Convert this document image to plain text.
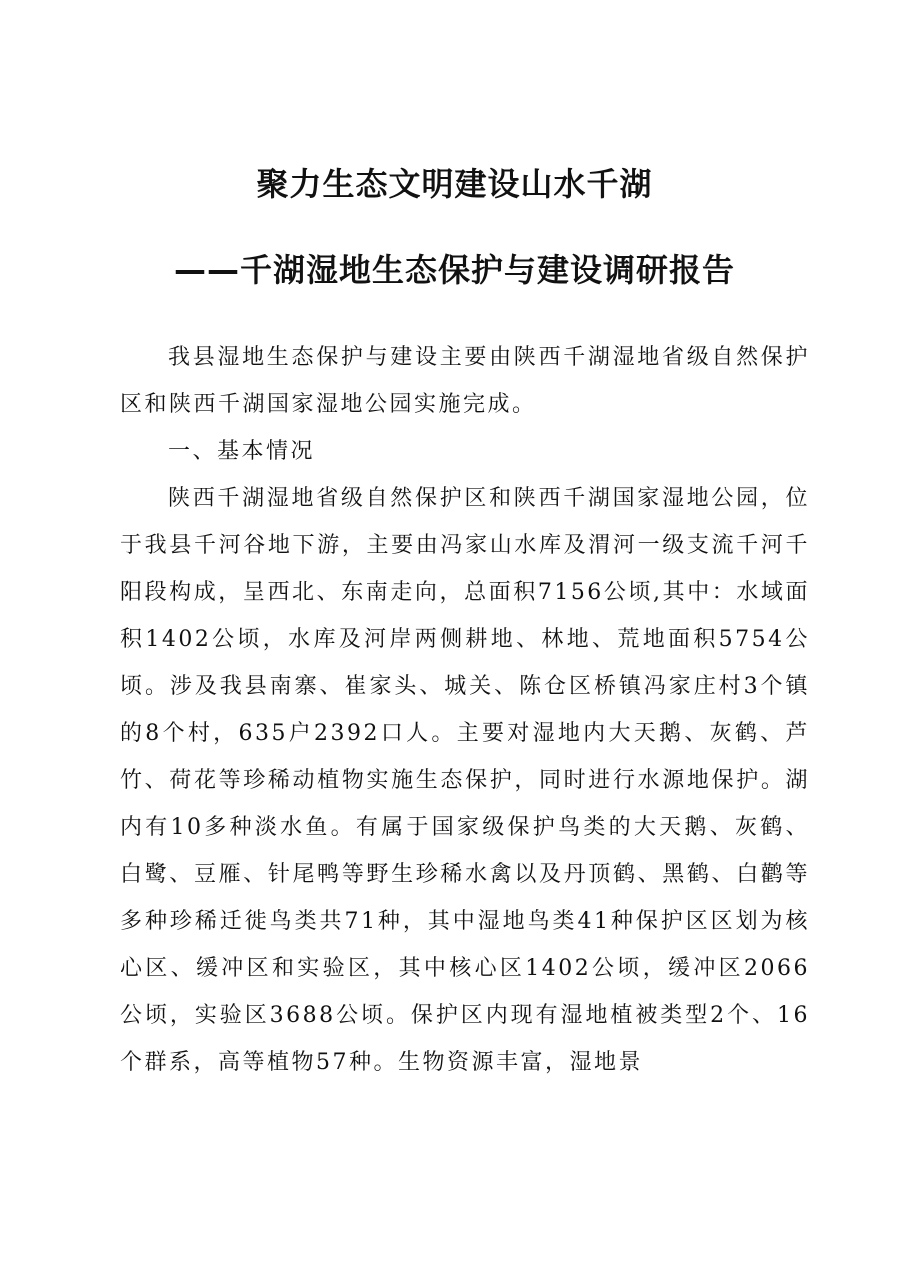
聚力生态文明建设山水千湖
——千湖湿地生态保护与建设调研报告

我县湿地生态保护与建设主要由陕西千湖湿地省级自然保护区和陕西千湖国家湿地公园实施完成。

一、基本情况

陕西千湖湿地省级自然保护区和陕西千湖国家湿地公园，位于我县千河谷地下游，主要由冯家山水库及渭河一级支流千河千阳段构成，呈西北、东南走向，总面积7156公顷,其中：水域面积1402公顷，水库及河岸两侧耕地、林地、荒地面积5754公顷。涉及我县南寨、崔家头、城关、陈仓区桥镇冯家庄村3个镇的8个村，635户2392口人。主要对湿地内大天鹅、灰鹤、芦竹、荷花等珍稀动植物实施生态保护，同时进行水源地保护。湖内有10多种淡水鱼。有属于国家级保护鸟类的大天鹅、灰鹤、白鹭、豆雁、针尾鸭等野生珍稀水禽以及丹顶鹤、黑鹤、白鹳等多种珍稀迁徙鸟类共71种，其中湿地鸟类41种保护区区划为核心区、缓冲区和实验区，其中核心区1402公顷，缓冲区2066公顷，实验区3688公顷。保护区内现有湿地植被类型2个、16个群系，高等植物57种。生物资源丰富，湿地景
